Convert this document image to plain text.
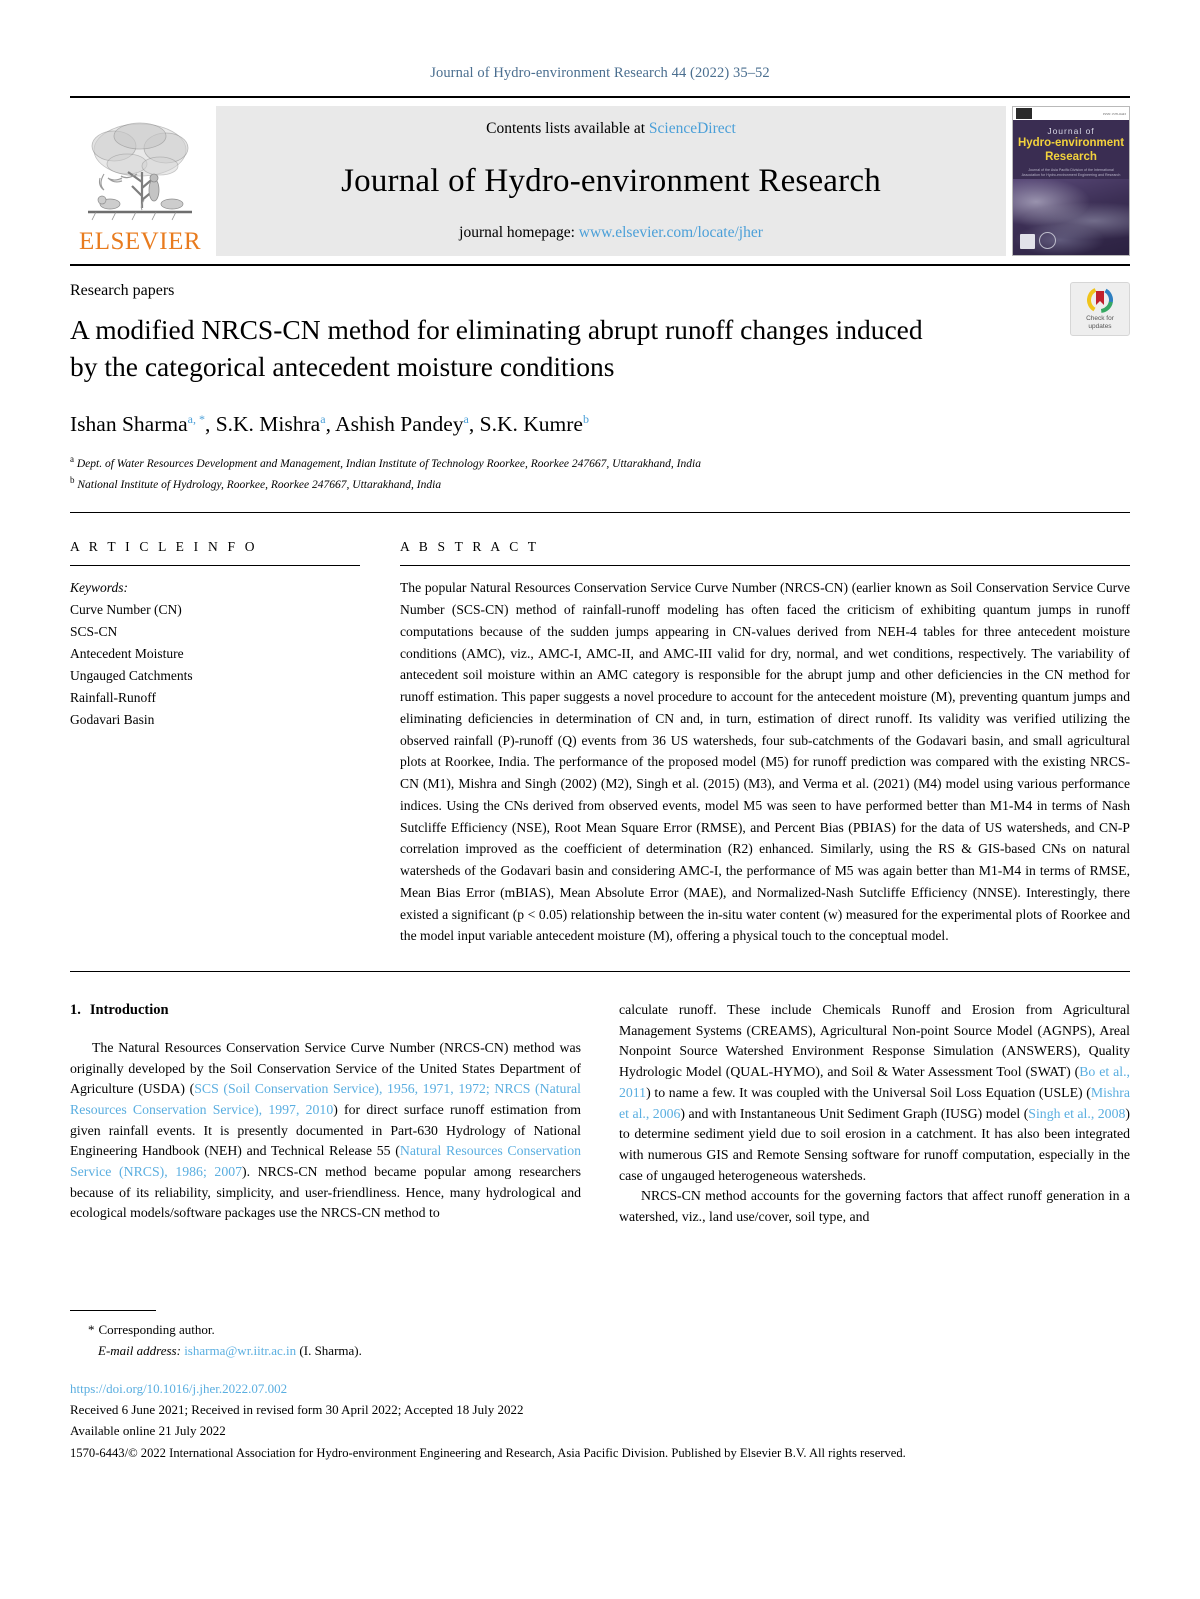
Journal of Hydro-environment Research 44 (2022) 35–52
ELSEVIER
Contents lists available at ScienceDirect
Journal of Hydro-environment Research
journal homepage: www.elsevier.com/locate/jher
ISSN 1570-6443
Journal of
Hydro-environment
Research
Journal of the Asia Pacific Division of the International Association for Hydro-environment Engineering and Research
Research papers
A modified NRCS-CN method for eliminating abrupt runoff changes induced by the categorical antecedent moisture conditions
Check for
updates
Ishan Sharma$^{a, *}$, S.K. Mishra$^a$, Ashish Pandey$^a$, S.K. Kumre$^b$
$^a$ Dept. of Water Resources Development and Management, Indian Institute of Technology Roorkee, Roorkee 247667, Uttarakhand, India
$^b$ National Institute of Hydrology, Roorkee, Roorkee 247667, Uttarakhand, India
A R T I C L E I N F O
Keywords:
Curve Number (CN)
SCS-CN
Antecedent Moisture
Ungauged Catchments
Rainfall-Runoff
Godavari Basin
A B S T R A C T
The popular Natural Resources Conservation Service Curve Number (NRCS-CN) (earlier known as Soil Conservation Service Curve Number (SCS-CN) method of rainfall-runoff modeling has often faced the criticism of exhibiting quantum jumps in runoff computations because of the sudden jumps appearing in CN-values derived from NEH-4 tables for three antecedent moisture conditions (AMC), viz., AMC-I, AMC-II, and AMC-III valid for dry, normal, and wet conditions, respectively. The variability of antecedent soil moisture within an AMC category is responsible for the abrupt jump and other deficiencies in the CN method for runoff estimation. This paper suggests a novel procedure to account for the antecedent moisture (M), preventing quantum jumps and eliminating deficiencies in determination of CN and, in turn, estimation of direct runoff. Its validity was verified utilizing the observed rainfall (P)-runoff (Q) events from 36 US watersheds, four sub-catchments of the Godavari basin, and small agricultural plots at Roorkee, India. The performance of the proposed model (M5) for runoff prediction was compared with the existing NRCS-CN (M1), Mishra and Singh (2002) (M2), Singh et al. (2015) (M3), and Verma et al. (2021) (M4) model using various performance indices. Using the CNs derived from observed events, model M5 was seen to have performed better than M1-M4 in terms of Nash Sutcliffe Efficiency (NSE), Root Mean Square Error (RMSE), and Percent Bias (PBIAS) for the data of US watersheds, and CN-P correlation improved as the coefficient of determination (R2) enhanced. Similarly, using the RS & GIS-based CNs on natural watersheds of the Godavari basin and considering AMC-I, the performance of M5 was again better than M1-M4 in terms of RMSE, Mean Bias Error (mBIAS), Mean Absolute Error (MAE), and Normalized-Nash Sutcliffe Efficiency (NNSE). Interestingly, there existed a significant (p < 0.05) relationship between the in-situ water content (w) measured for the experimental plots of Roorkee and the model input variable antecedent moisture (M), offering a physical touch to the conceptual model.
1. Introduction

The Natural Resources Conservation Service Curve Number (NRCS-CN) method was originally developed by the Soil Conservation Service of the United States Department of Agriculture (USDA) (SCS (Soil Conservation Service), 1956, 1971, 1972; NRCS (Natural Resources Conservation Service), 1997, 2010) for direct surface runoff estimation from given rainfall events. It is presently documented in Part-630 Hydrology of National Engineering Handbook (NEH) and Technical Release 55 (Natural Resources Conservation Service (NRCS), 1986; 2007). NRCS-CN method became popular among researchers because of its reliability, simplicity, and user-friendliness. Hence, many hydrological and ecological models/software packages use the NRCS-CN method to

calculate runoff. These include Chemicals Runoff and Erosion from Agricultural Management Systems (CREAMS), Agricultural Non-point Source Model (AGNPS), Areal Nonpoint Source Watershed Environment Response Simulation (ANSWERS), Quality Hydrologic Model (QUAL-HYMO), and Soil & Water Assessment Tool (SWAT) (Bo et al., 2011) to name a few. It was coupled with the Universal Soil Loss Equation (USLE) (Mishra et al., 2006) and with Instantaneous Unit Sediment Graph (IUSG) model (Singh et al., 2008) to determine sediment yield due to soil erosion in a catchment. It has also been integrated with numerous GIS and Remote Sensing software for runoff computation, especially in the case of ungauged heterogeneous watersheds.

NRCS-CN method accounts for the governing factors that affect runoff generation in a watershed, viz., land use/cover, soil type, and

* Corresponding author.
E-mail address: isharma@wr.iitr.ac.in (I. Sharma).
https://doi.org/10.1016/j.jher.2022.07.002
Received 6 June 2021; Received in revised form 30 April 2022; Accepted 18 July 2022
Available online 21 July 2022
1570-6443/© 2022 International Association for Hydro-environment Engineering and Research, Asia Pacific Division. Published by Elsevier B.V. All rights reserved.
